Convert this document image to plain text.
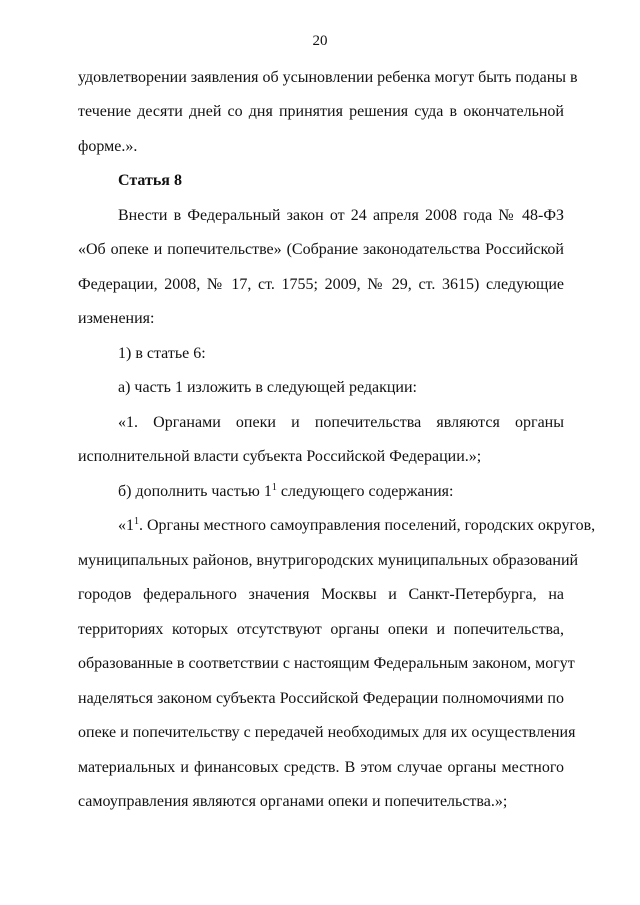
20
удовлетворении заявления об усыновлении ребенка могут быть поданы в
течение десяти дней со дня принятия решения суда в окончательной
форме.».
Статья 8
Внести в Федеральный закон от 24 апреля 2008 года № 48-ФЗ
«Об опеке и попечительстве» (Собрание законодательства Российской
Федерации, 2008, № 17, ст. 1755; 2009, № 29, ст. 3615) следующие
изменения:
1) в статье 6:
а) часть 1 изложить в следующей редакции:
«1. Органами опеки и попечительства являются органы
исполнительной власти субъекта Российской Федерации.»;
б) дополнить частью $1^1$ следующего содержания:
«$1^1$. Органы местного самоуправления поселений, городских округов,
муниципальных районов, внутригородских муниципальных образований
городов федерального значения Москвы и Санкт-Петербурга, на
территориях которых отсутствуют органы опеки и попечительства,
образованные в соответствии с настоящим Федеральным законом, могут
наделяться законом субъекта Российской Федерации полномочиями по
опеке и попечительству с передачей необходимых для их осуществления
материальных и финансовых средств. В этом случае органы местного
самоуправления являются органами опеки и попечительства.»;
